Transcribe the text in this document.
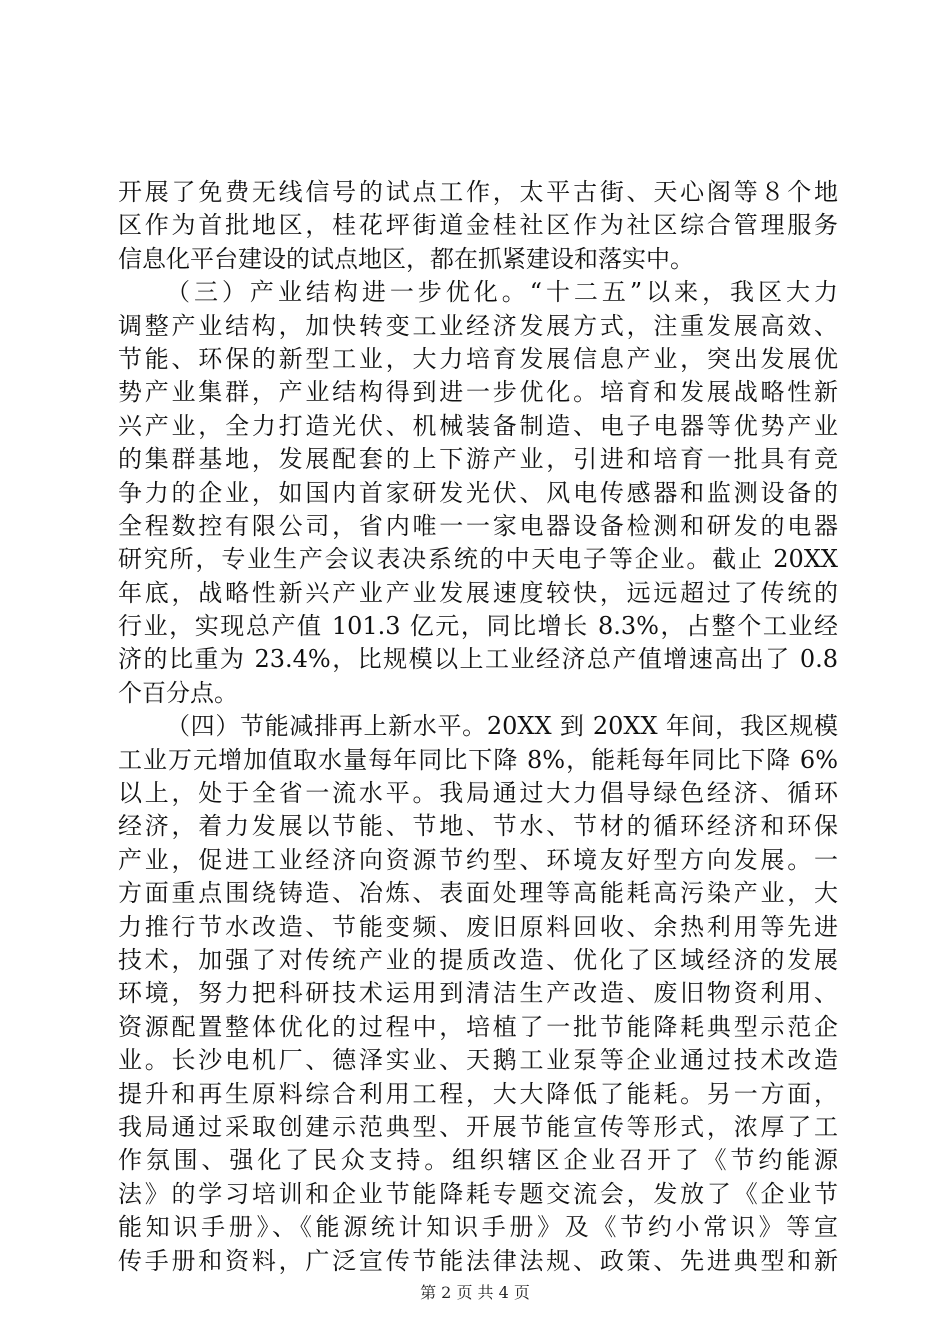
开展了免费无线信号的试点工作，太平古街、天心阁等８个地
区作为首批地区，桂花坪街道金桂社区作为社区综合管理服务
信息化平台建设的试点地区，都在抓紧建设和落实中。
（三）产业结构进一步优化。“十二五”以来，我区大力
调整产业结构，加快转变工业经济发展方式，注重发展高效、
节能、环保的新型工业，大力培育发展信息产业，突出发展优
势产业集群，产业结构得到进一步优化。培育和发展战略性新
兴产业，全力打造光伏、机械装备制造、电子电器等优势产业
的集群基地，发展配套的上下游产业，引进和培育一批具有竞
争力的企业，如国内首家研发光伏、风电传感器和监测设备的
全程数控有限公司，省内唯一一家电器设备检测和研发的电器
研究所，专业生产会议表决系统的中天电子等企业。截止 20XX
年底，战略性新兴产业产业发展速度较快，远远超过了传统的
行业，实现总产值 101.3 亿元，同比增长 8.3%，占整个工业经
济的比重为 23.4%，比规模以上工业经济总产值增速高出了 0.8
个百分点。
（四）节能减排再上新水平。20XX 到 20XX 年间，我区规模
工业万元增加值取水量每年同比下降 8%，能耗每年同比下降 6%
以上，处于全省一流水平。我局通过大力倡导绿色经济、循环
经济，着力发展以节能、节地、节水、节材的循环经济和环保
产业，促进工业经济向资源节约型、环境友好型方向发展。一
方面重点围绕铸造、冶炼、表面处理等高能耗高污染产业，大
力推行节水改造、节能变频、废旧原料回收、余热利用等先进
技术，加强了对传统产业的提质改造、优化了区域经济的发展
环境，努力把科研技术运用到清洁生产改造、废旧物资利用、
资源配置整体优化的过程中，培植了一批节能降耗典型示范企
业。长沙电机厂、德泽实业、天鹅工业泵等企业通过技术改造
提升和再生原料综合利用工程，大大降低了能耗。另一方面，
我局通过采取创建示范典型、开展节能宣传等形式，浓厚了工
作氛围、强化了民众支持。组织辖区企业召开了《节约能源
法》的学习培训和企业节能降耗专题交流会，发放了《企业节
能知识手册》、《能源统计知识手册》及《节约小常识》等宣
传手册和资料，广泛宣传节能法律法规、政策、先进典型和新
第 2 页 共 4 页
